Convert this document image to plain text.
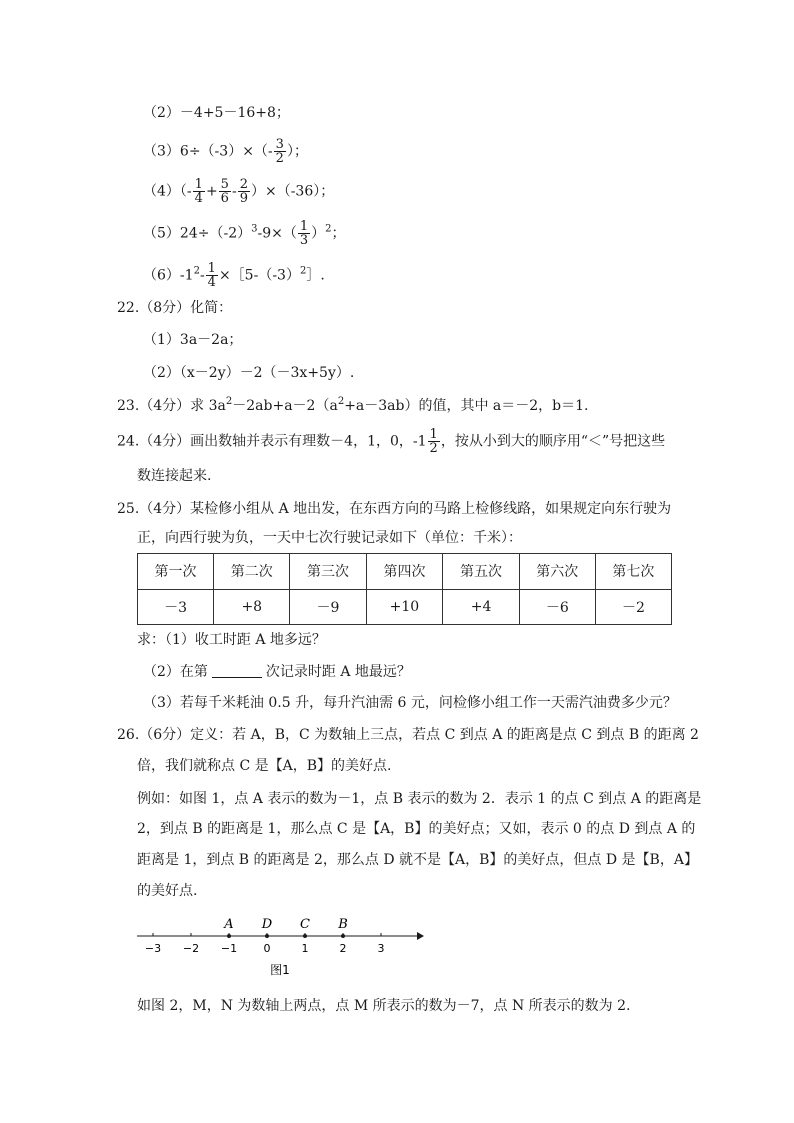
（2）－4+5－16+8；
$(3)6\div(-3)\times(- \frac{3}{2}$ ）；
$(4)(- \frac{1}{4} + \frac{5}{6} - \frac{2}{9} )\times(-36)$；
$(5)24\div(-2)^3-9\times( \frac{1}{3} )^2$；
$(6)-1^2- \frac{1}{4}$ $\times[5-(-3)^2]$.
22.（8分）化简：
（1）3a－2a；
（2）（x－2y）－2（－3x+5y）.
23.（4分）求 $3a^2-2ab+a-2(a^2+a-3ab)$的值，其中 a＝－2，b＝1.
24.（4分）画出数轴并表示有理数－4，1，0，$-1 \frac{1}{2}$ ，按从小到大的顺序用“＜”号把这些
数连接起来.
25.（4分）某检修小组从 A 地出发，在东西方向的马路上检修线路，如果规定向东行驶为
正，向西行驶为负，一天中七次行驶记录如下（单位：千米）：
第一次	第二次	第三次	第四次	第五次	第六次	第七次
－3	+8	－9	+10	+4	－6	－2
求：（1）收工时距 A 地多远？
（2）在第	次记录时距 A 地最远？
（3）若每千米耗油 0.5 升，每升汽油需 6 元，问检修小组工作一天需汽油费多少元？
26.（6分）定义：若 A，B，C 为数轴上三点，若点 C 到点 A 的距离是点 C 到点 B 的距离 2
倍，我们就称点 C 是【A，B】的美好点.
例如：如图 1，点 A 表示的数为－1，点 B 表示的数为 2．表示 1 的点 C 到点 A 的距离是
2，到点 B 的距离是 1，那么点 C 是【A，B】的美好点；又如，表示 0 的点 D 到点 A 的
距离是 1，到点 B 的距离是 2，那么点 D 就不是【A，B】的美好点，但点 D 是【B，A】
的美好点.
−3 −2 −1 0	1	2	3
A D C B
图1
如图 2，M，N 为数轴上两点，点 M 所表示的数为－7，点 N 所表示的数为 2.
